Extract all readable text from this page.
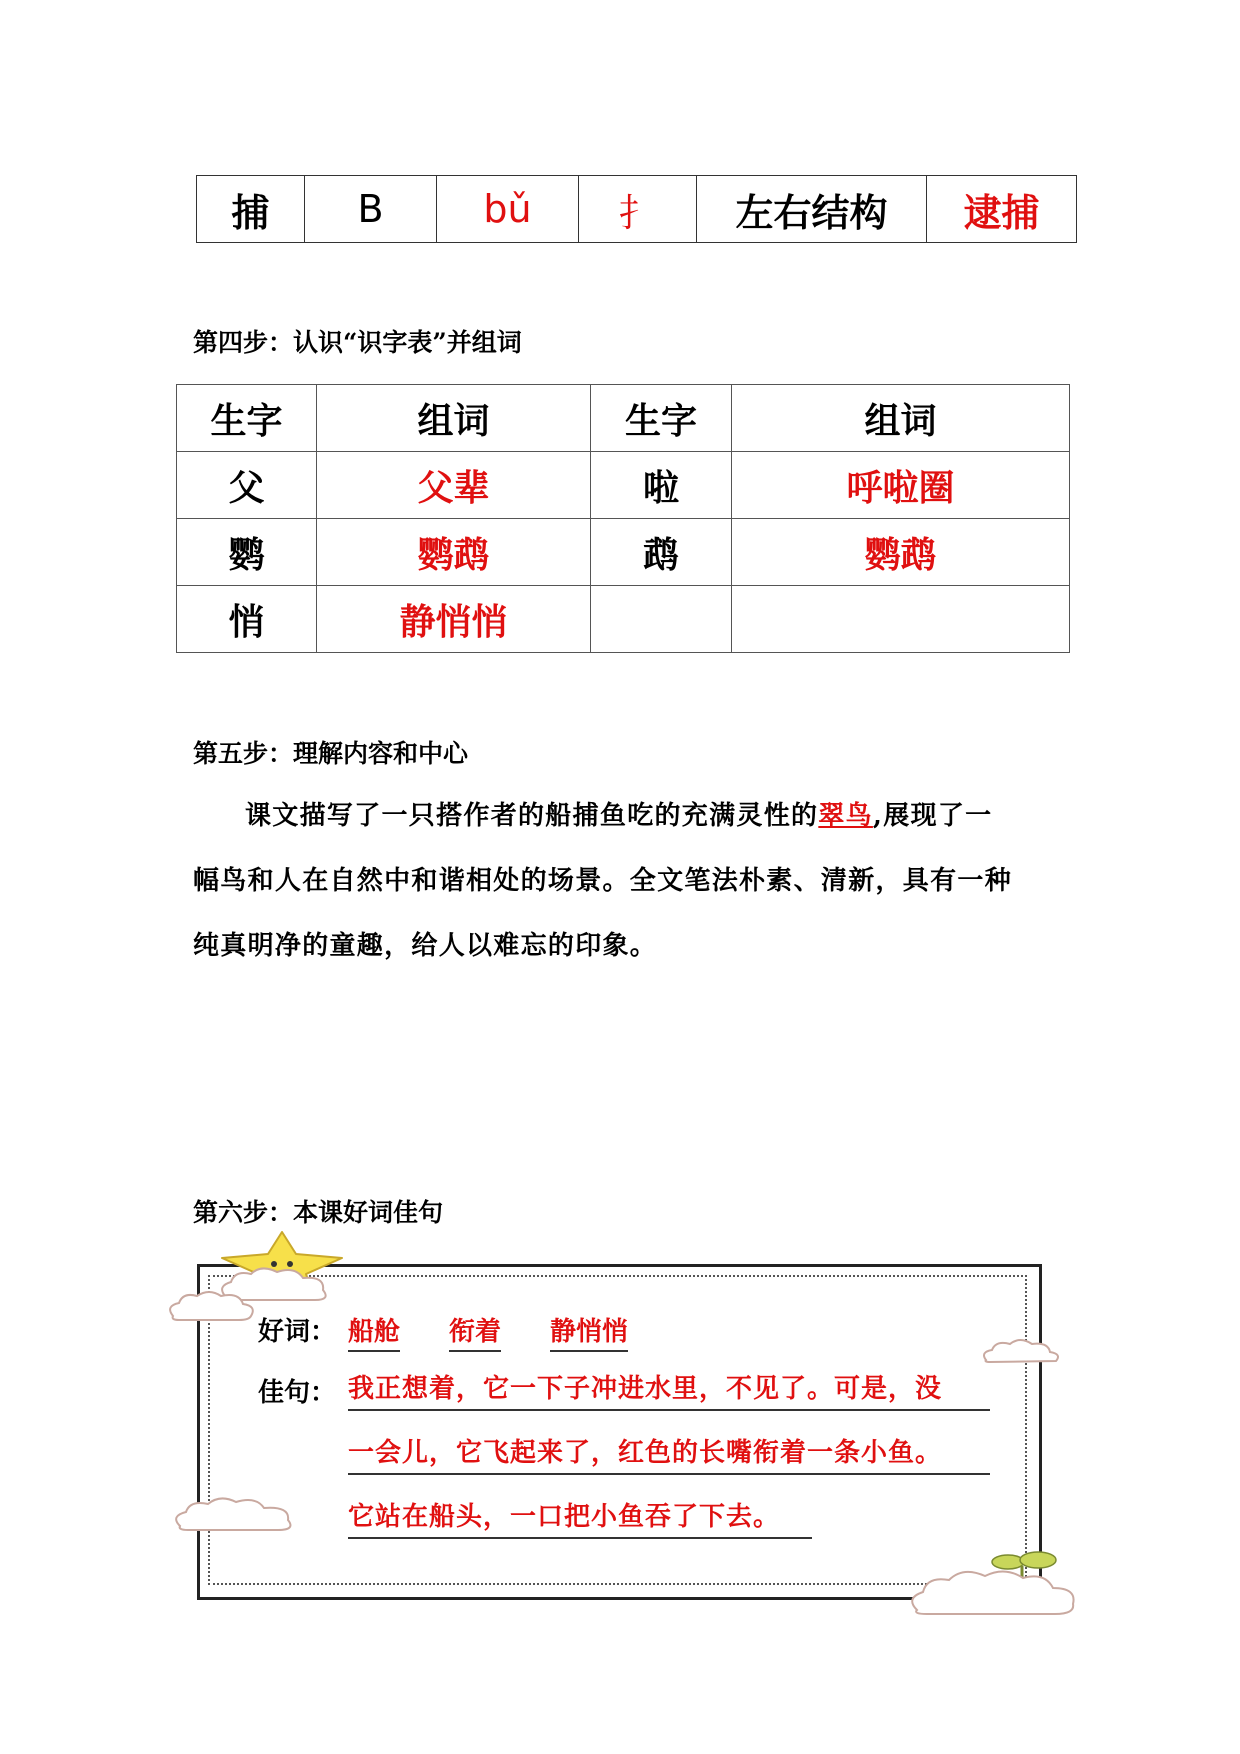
捕	B	bǔ	扌	左右结构	逮捕
第四步：认识“识字表”并组词
生字	组词	生字	组词
父	父辈	啦	呼啦圈
鹦	鹦鹉	鹉	鹦鹉
悄	静悄悄		
第五步：理解内容和中心
课文描写了一只搭作者的船捕鱼吃的充满灵性的翠鸟,展现了一
幅鸟和人在自然中和谐相处的场景。全文笔法朴素、清新，具有一种
纯真明净的童趣，给人以难忘的印象。
第六步：本课好词佳句
好词： 船舱 衔着 静悄悄
佳句： 我正想着，它一下子冲进水里，不见了。可是，没
一会儿，它飞起来了，红色的长嘴衔着一条小鱼。
它站在船头，一口把小鱼吞了下去。
